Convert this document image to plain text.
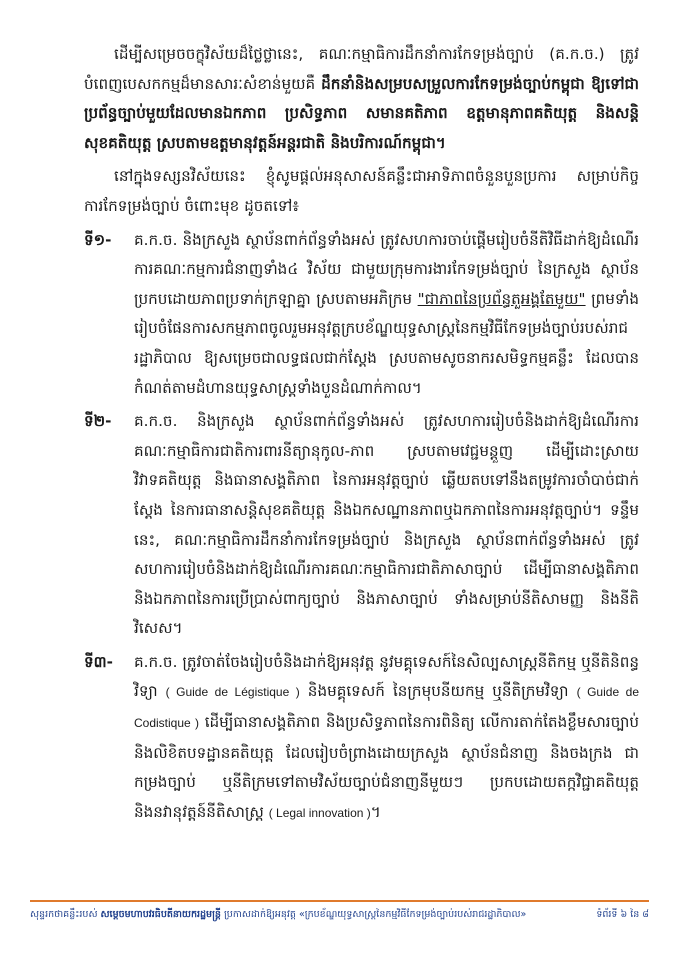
ដើម្បីសម្រេចចក្ខុវិស័យដ៏ថ្លៃថ្លានេះ, គណៈកម្មាធិការដឹកនាំការកែទម្រង់ច្បាប់ (គ.ក.ច.) ត្រូវបំពេញបេសកកម្មដ៏មានសារៈសំខាន់មួយគឺ ដឹកនាំនិងសម្របសម្រួលការកែទម្រង់ច្បាប់កម្ពុជា ឱ្យទៅជាប្រព័ន្ធច្បាប់មួយដែលមានឯកភាព ប្រសិទ្ធភាព សមានគតិភាព ឧត្តមានុភាពគតិយុត្ត និងសន្តិសុខគតិយុត្ត ស្របតាមឧត្តមានុវត្តន៍អន្តរជាតិ និងបរិការណ៍កម្ពុជា។

នៅក្នុងទស្សនវិស័យនេះ ខ្ញុំសូមផ្តល់អនុសាសន៍គន្លឹះជាអាទិភាពចំនួនបួនប្រការ សម្រាប់កិច្ចការកែទម្រង់ច្បាប់ ចំពោះមុខ ដូចតទៅ៖

ទី១-	គ.ក.ច. និងក្រសួង ស្ថាប័នពាក់ព័ន្ធទាំងអស់ ត្រូវសហការចាប់ផ្តើមរៀបចំនីតិវិធីដាក់ឱ្យដំណើរការគណៈកម្មការជំនាញទាំង៤ វិស័យ ជាមួយក្រុមការងារកែទម្រង់ច្បាប់ នៃក្រសួង ស្ថាប័ន ប្រកបដោយភាពប្រទាក់ក្រឡាគ្នា ស្របតាមអភិក្រម "ជាភាពនៃប្រព័ន្ធតួអង្គតែមួយ" ព្រមទាំងរៀបចំផែនការសកម្មភាពចូលរួមអនុវត្តក្របខ័ណ្ឌយុទ្ធសាស្ត្រនៃកម្មវិធីកែទម្រង់ច្បាប់របស់រាជរដ្ឋាភិបាល ឱ្យសម្រេចជាលទ្ធផលជាក់ស្តែង ស្របតាមសូចនាករសមិទ្ធកម្មគន្លឹះ ដែលបានកំណត់តាមដំហានយុទ្ធសាស្ត្រទាំងបួនដំណាក់កាល។
ទី២-	គ.ក.ច. និងក្រសួង ស្ថាប័នពាក់ព័ន្ធទាំងអស់ ត្រូវសហការរៀបចំនិងដាក់ឱ្យដំណើរការគណៈកម្មាធិការជាតិការពារនីត្យានុកូល-ភាព ស្របតាមវេជ្ជមន្តួញ ដើម្បីដោះស្រាយវិវាទគតិយុត្ត និងធានាសង្គតិភាព នៃការអនុវត្តច្បាប់ ឆ្លើយតបទៅនឹងតម្រូវការចាំបាច់ជាក់ស្តែង នៃការធានាសន្តិសុខគតិយុត្ត និងឯកសណ្ឋានភាពឬឯកភាពនៃការអនុវត្តច្បាប់។ ទន្ទឹមនេះ, គណៈកម្មាធិការដឹកនាំការកែទម្រង់ច្បាប់ និងក្រសួង ស្ថាប័នពាក់ព័ន្ធទាំងអស់ ត្រូវ សហការរៀបចំនិងដាក់ឱ្យដំណើរការគណៈកម្មាធិការជាតិភាសាច្បាប់ ដើម្បីធានាសង្គតិភាព និងឯកភាពនៃការប្រើប្រាស់ពាក្យច្បាប់ និងភាសាច្បាប់ ទាំងសម្រាប់នីតិសាមញ្ញ និងនីតិវិសេស។
ទី៣-	គ.ក.ច. ត្រូវចាត់ចែងរៀបចំនិងដាក់ឱ្យអនុវត្ត នូវមគ្គុទេសក៍នៃសិល្បសាស្ត្រនីតិកម្ម ឬនីតិនិពន្ធវិទ្យា ( Guide de Légistique ) និងមគ្គុទេសក៍ នៃក្រមុបនីយកម្ម ឬនីតិក្រមវិទ្យា ( Guide de Codistique ) ដើម្បីធានាសង្គតិភាព និងប្រសិទ្ធភាពនៃការពិនិត្យ លើការតាក់តែងខ្លឹមសារច្បាប់និងលិខិតបទដ្ឋានគតិយុត្ត ដែលរៀបចំព្រាងដោយក្រសួង ស្ថាប័នជំនាញ និងចងក្រង ជាកម្រងច្បាប់ ឬនីតិក្រមទៅតាមវិស័យច្បាប់ជំនាញនីមួយៗ ប្រកបដោយតក្កវិជ្ជាគតិយុត្ត និងនវានុវត្តន៍នីតិសាស្ត្រ ( Legal innovation )។
សុន្ទរកថាគន្លឹះរបស់ សម្តេចមហាបវរធិបតីនាយករដ្ឋមន្ត្រី ប្រកាសដាក់ឱ្យអនុវត្ត «ក្របខ័ណ្ឌយុទ្ធសាស្ត្រនៃកម្មវិធីកែទម្រង់ច្បាប់របស់រាជរដ្ឋាភិបាល»	ទំព័រទី ៦ នៃ ៨
